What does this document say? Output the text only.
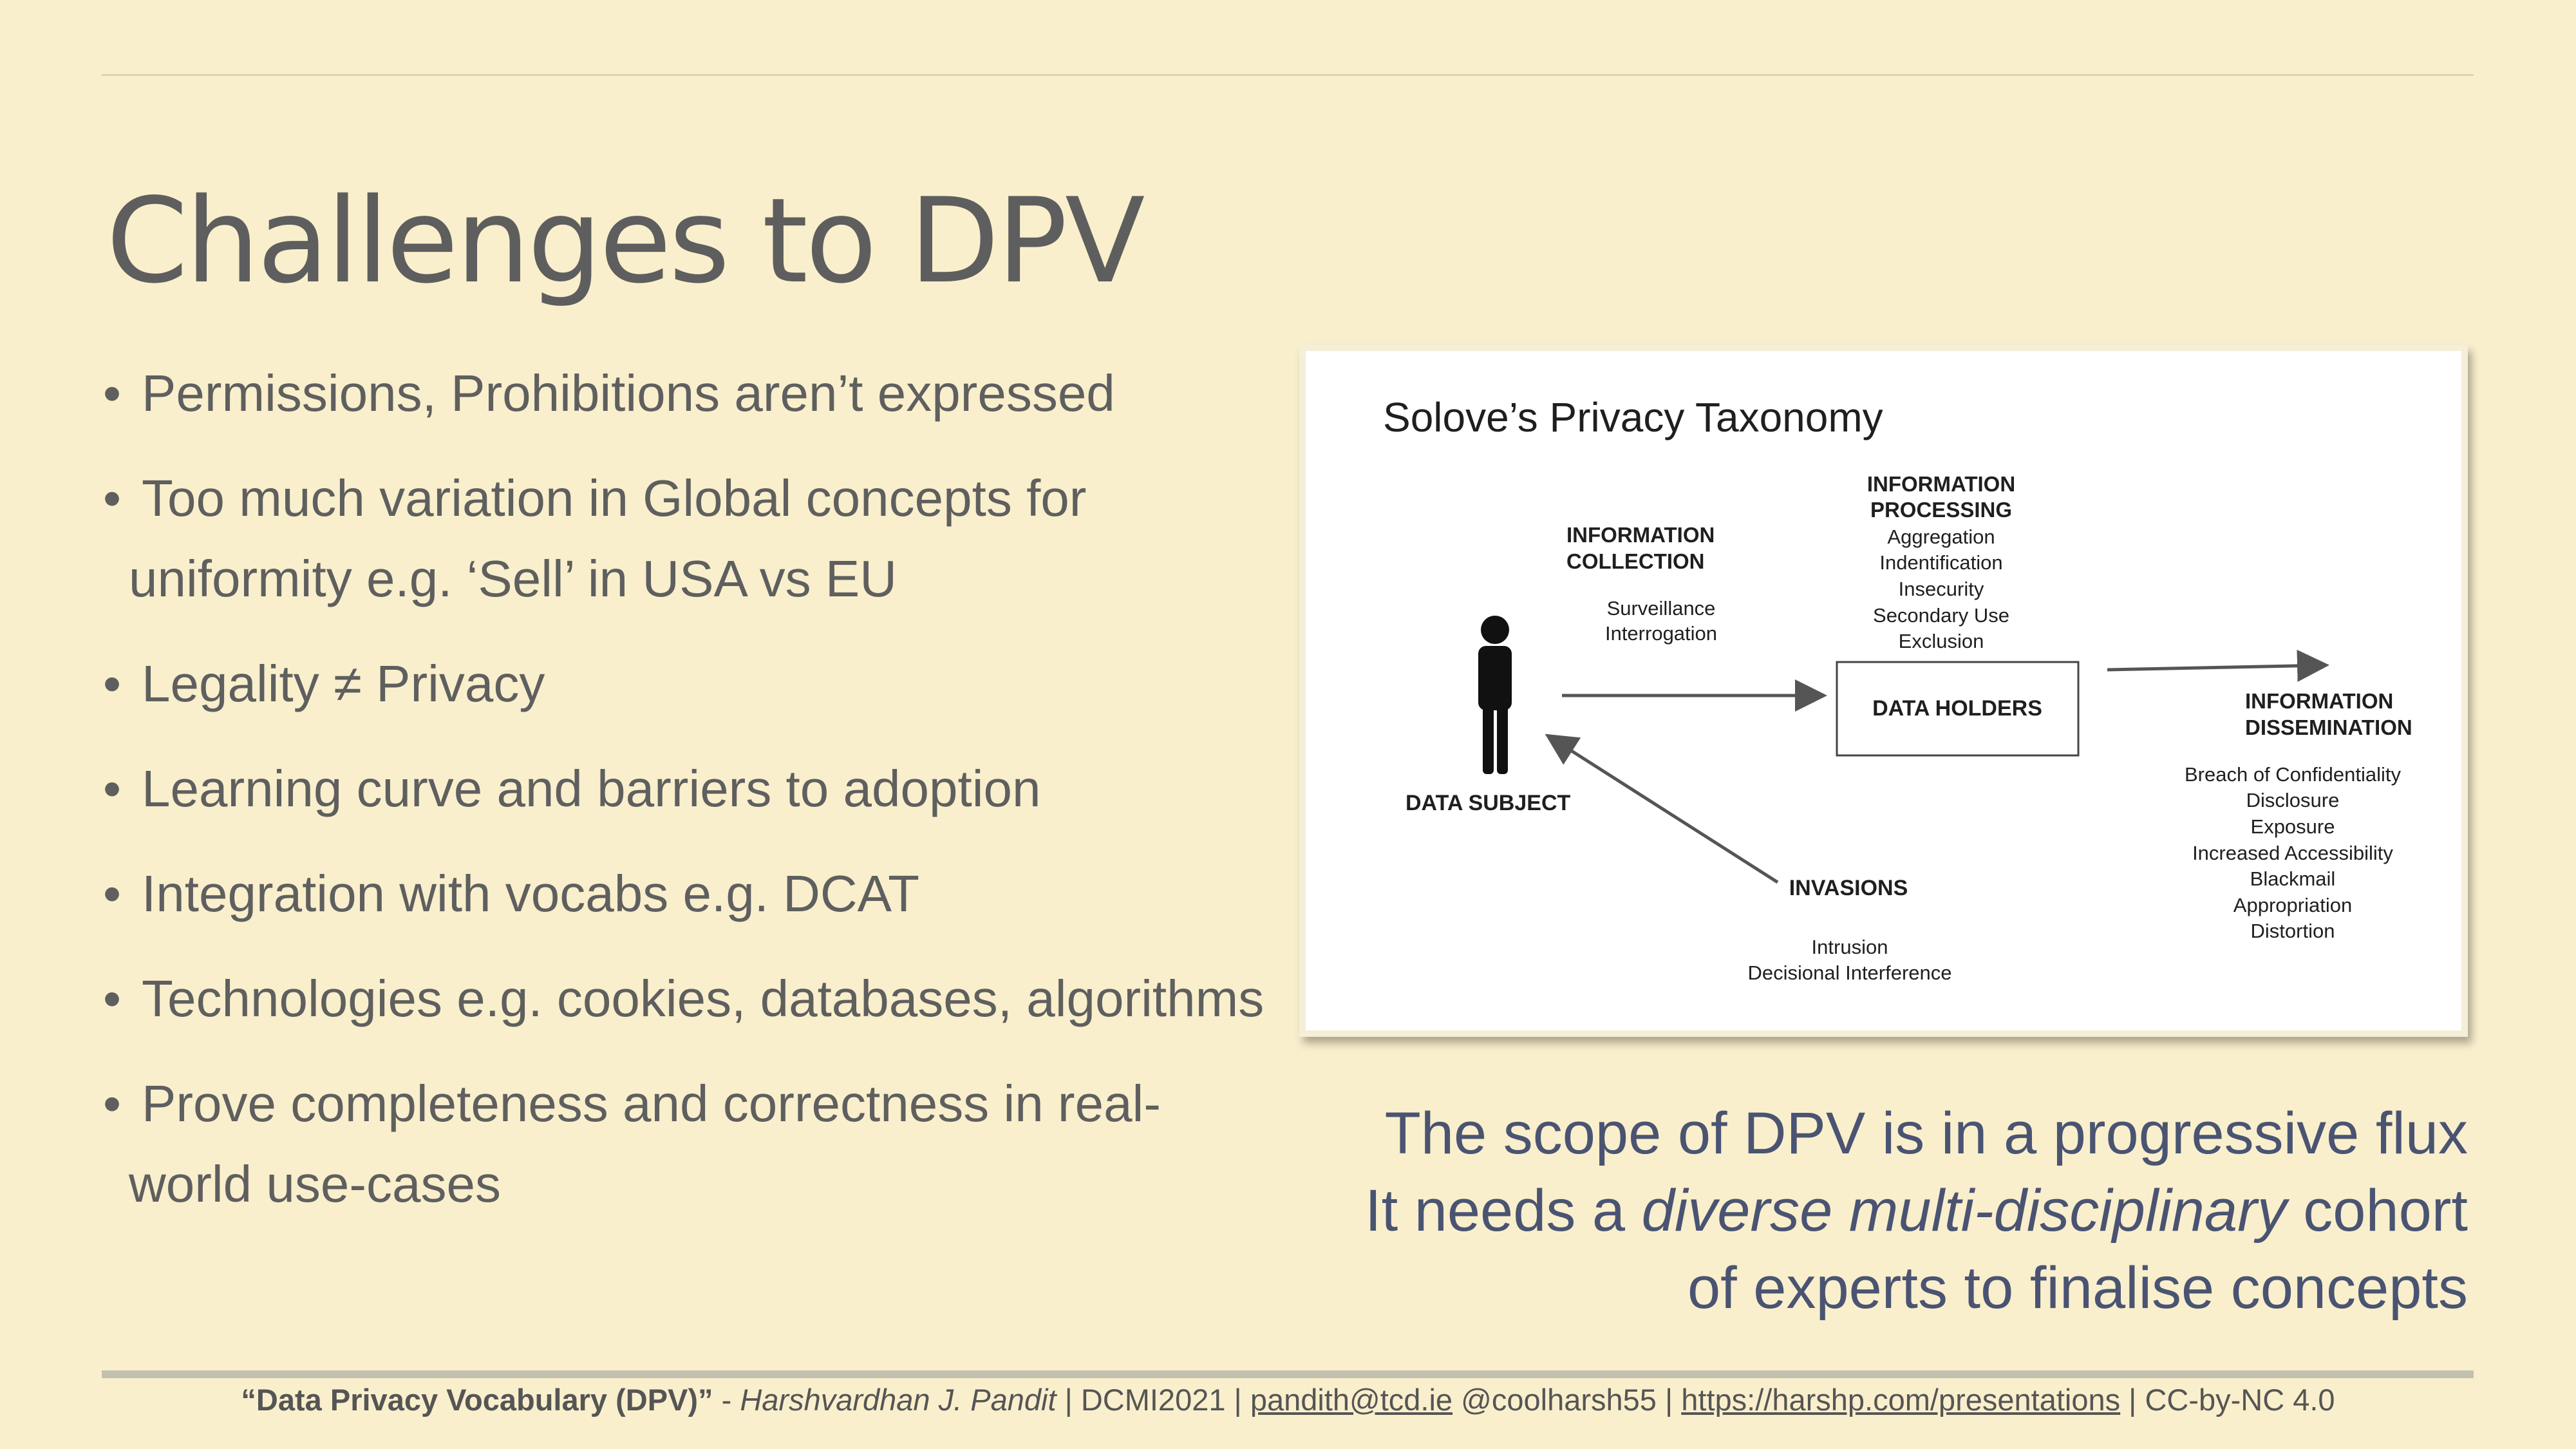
Challenges to DPV
• Permissions, Prohibitions aren’t expressed
• Too much variation in Global concepts for
uniformity e.g. ‘Sell’ in USA vs EU
• Legality ≠ Privacy
• Learning curve and barriers to adoption
• Integration with vocabs e.g. DCAT
• Technologies e.g. cookies, databases, algorithms
• Prove completeness and correctness in real-
world use-cases
Solove’s Privacy Taxonomy
INFORMATION
PROCESSING
Aggregation
Indentification
Insecurity
Secondary Use
Exclusion
INFORMATION
COLLECTION
Surveillance
Interrogation
DATA SUBJECT
DATA HOLDERS	INFORMATION
DISSEMINATION
Breach of Confidentiality
Disclosure
Exposure
Increased Accessibility
Blackmail
Appropriation
Distortion
INVASIONS
Intrusion
Decisional Interference
The scope of DPV is in a progressive flux
It needs a diverse multi-disciplinary cohort
of experts to finalise concepts
“Data Privacy Vocabulary (DPV)” - Harshvardhan J. Pandit | DCMI2021 | pandith@tcd.ie @coolharsh55 | https://harshp.com/presentations | CC-by-NC 4.0
